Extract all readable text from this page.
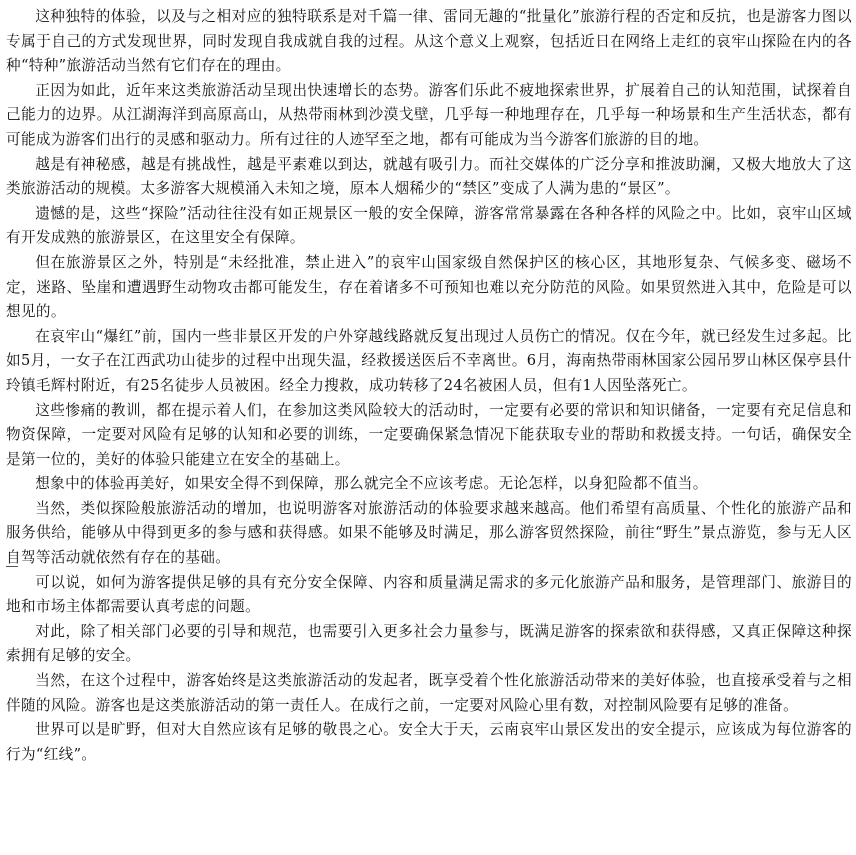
这种独特的体验，以及与之相对应的独特联系是对千篇一律、雷同无趣的“批量化”旅游行程的否定和反抗，也是游客力图以专属于自己的方式发现世界，同时发现自我成就自我的过程。从这个意义上观察，包括近日在网络上走红的哀牢山探险在内的各种“特种”旅游活动当然有它们存在的理由。

正因为如此，近年来这类旅游活动呈现出快速增长的态势。游客们乐此不疲地探索世界，扩展着自己的认知范围，试探着自己能力的边界。从江湖海洋到高原高山，从热带雨林到沙漠戈壁，几乎每一种地理存在，几乎每一种场景和生产生活状态，都有可能成为游客们出行的灵感和驱动力。所有过往的人迹罕至之地，都有可能成为当今游客们旅游的目的地。

越是有神秘感，越是有挑战性，越是平素难以到达，就越有吸引力。而社交媒体的广泛分享和推波助澜，又极大地放大了这类旅游活动的规模。太多游客大规模涌入未知之境，原本人烟稀少的“禁区”变成了人满为患的“景区”。

遗憾的是，这些“探险”活动往往没有如正规景区一般的安全保障，游客常常暴露在各种各样的风险之中。比如，哀牢山区域有开发成熟的旅游景区，在这里安全有保障。

但在旅游景区之外，特别是“未经批准，禁止进入”的哀牢山国家级自然保护区的核心区，其地形复杂、气候多变、磁场不定，迷路、坠崖和遭遇野生动物攻击都可能发生，存在着诸多不可预知也难以充分防范的风险。如果贸然进入其中，危险是可以想见的。

在哀牢山“爆红”前，国内一些非景区开发的户外穿越线路就反复出现过人员伤亡的情况。仅在今年，就已经发生过多起。比如5月，一女子在江西武功山徒步的过程中出现失温，经救援送医后不幸离世。6月，海南热带雨林国家公园吊罗山林区保亭县什玲镇毛辉村附近，有25名徒步人员被困。经全力搜救，成功转移了24名被困人员，但有1人因坠落死亡。

这些惨痛的教训，都在提示着人们，在参加这类风险较大的活动时，一定要有必要的常识和知识储备，一定要有充足信息和物资保障，一定要对风险有足够的认知和必要的训练，一定要确保紧急情况下能获取专业的帮助和救援支持。一句话，确保安全是第一位的，美好的体验只能建立在安全的基础上。

想象中的体验再美好，如果安全得不到保障，那么就完全不应该考虑。无论怎样，以身犯险都不值当。

当然，类似探险般旅游活动的增加，也说明游客对旅游活动的体验要求越来越高。他们希望有高质量、个性化的旅游产品和服务供给，能够从中得到更多的参与感和获得感。如果不能够及时满足，那么游客贸然探险，前往“野生”景点游览，参与无人区自驾等活动就依然有存在的基础。

可以说，如何为游客提供足够的具有充分安全保障、内容和质量满足需求的多元化旅游产品和服务，是管理部门、旅游目的地和市场主体都需要认真考虑的问题。

对此，除了相关部门必要的引导和规范，也需要引入更多社会力量参与，既满足游客的探索欲和获得感，又真正保障这种探索拥有足够的安全。

当然，在这个过程中，游客始终是这类旅游活动的发起者，既享受着个性化旅游活动带来的美好体验，也直接承受着与之相伴随的风险。游客也是这类旅游活动的第一责任人。在成行之前，一定要对风险心里有数，对控制风险要有足够的准备。

世界可以是旷野，但对大自然应该有足够的敬畏之心。安全大于天，云南哀牢山景区发出的安全提示，应该成为每位游客的行为“红线”。
